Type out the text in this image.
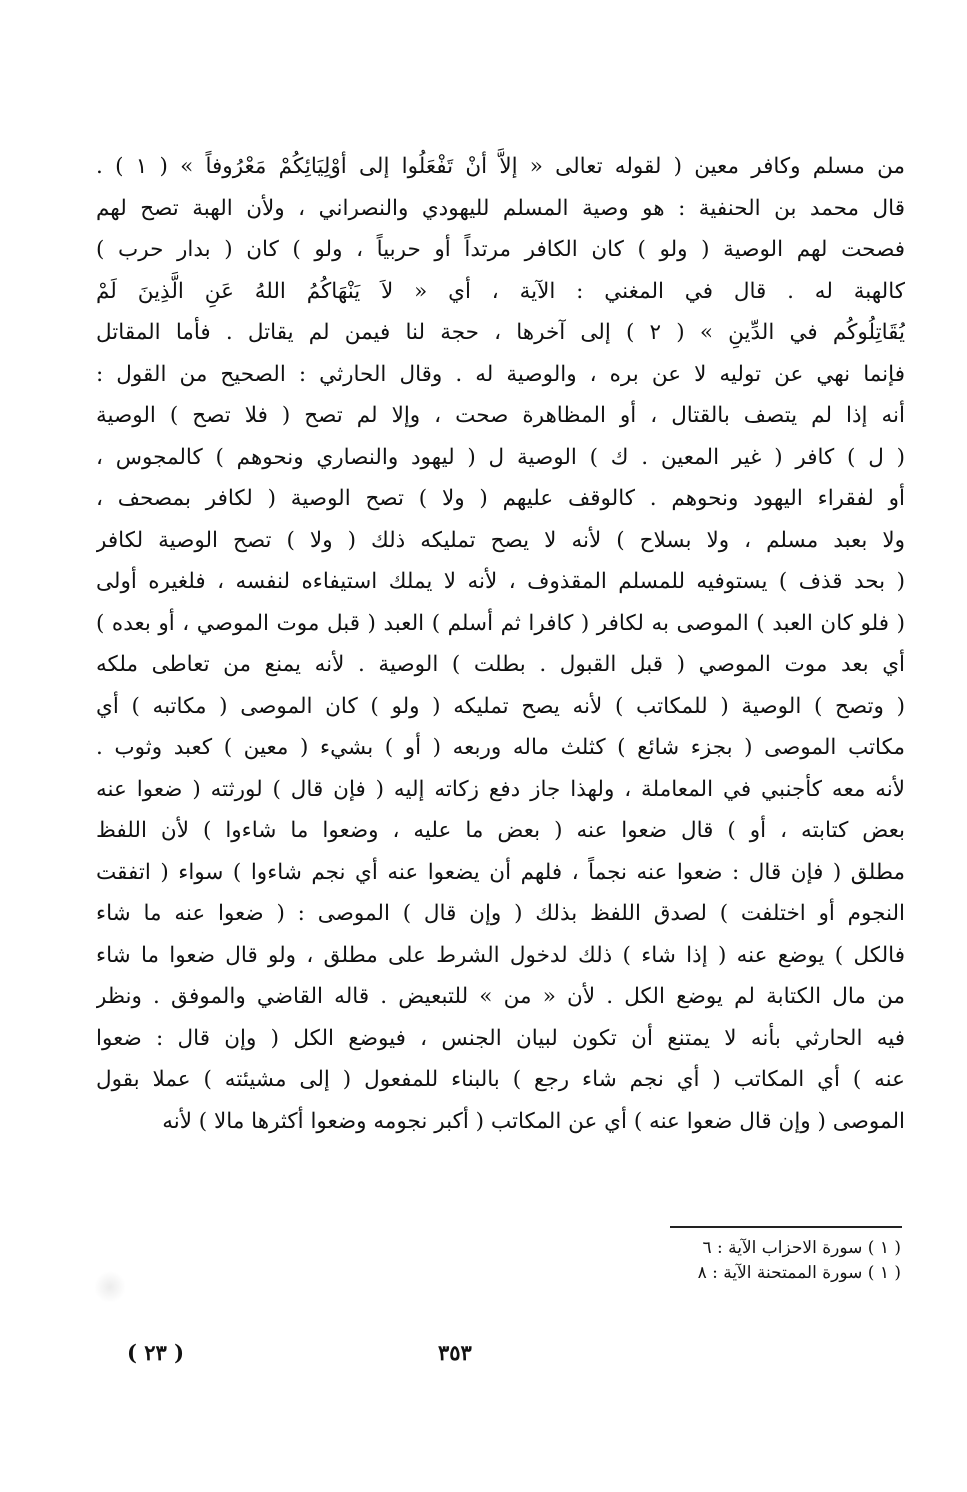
من مسلم وكافر معين ( لقوله تعالى « إلاَّ أنْ تَفْعَلُوا إلى أوْلِيَائِكُمْ مَعْرُوفاً » ( ١ ) .
قال محمد بن الحنفية : هو وصية المسلم لليهودي والنصراني ، ولأن الهبة تصح لهم
فصحت لهم الوصية ( ولو ) كان الكافر مرتداً أو حربياً ، ولو ) كان ( بدار حرب )
كالهبة له . قال في المغني : الآية ، أي « لاَ يَنْهَاكُمُ اللهُ عَنِ الَّذِينَ لَمْ
يُقَاتِلُوكُم في الدِّينِ » ( ٢ ) إلى آخرها ، حجة لنا فيمن لم يقاتل . فأما المقاتل
فإنما نهي عن توليه لا عن بره ، والوصية له . وقال الحارثي : الصحيح من القول :
أنه إذا لم يتصف بالقتال ، أو المظاهرة صحت ، وإلا لم تصح ( فلا تصح ) الوصية
( ل ) كافر ( غير المعين . ك ) الوصية ل ( ليهود والنصاري ونحوهم ) كالمجوس ،
أو لفقراء اليهود ونحوهم . كالوقف عليهم ( ولا ) تصح الوصية ( لكافر بمصحف ،
ولا بعبد مسلم ، ولا بسلاح ) لأنه لا يصح تمليكه ذلك ( ولا ) تصح الوصية لكافر
( بحد قذف ) يستوفيه للمسلم المقذوف ، لأنه لا يملك استيفاءه لنفسه ، فلغيره أولى
( فلو كان العبد ) الموصى به لكافر ( كافرا ثم أسلم ) العبد ( قبل موت الموصي ، أو بعده )
أي بعد موت الموصي ( قبل القبول . بطلت ) الوصية . لأنه يمنع من تعاطى ملكه
( وتصح ) الوصية ( للمكاتب ) لأنه يصح تمليكه ( ولو ) كان الموصى ( مكاتبه ) أي
مكاتب الموصى ( بجزء شائع ) كثلث ماله وربعه ( أو ) بشيء ( معين ) كعبد وثوب .
لأنه معه كأجنبي في المعاملة ، ولهذا جاز دفع زكاته إليه ( فإن قال ) لورثته ( ضعوا عنه
بعض كتابته ، أو ) قال ضعوا عنه ( بعض ما عليه ، وضعوا ما شاءوا ) لأن اللفظ
مطلق ( فإن قال : ضعوا عنه نجماً ، فلهم أن يضعوا عنه أي نجم شاءوا ) سواء ( اتفقت
النجوم أو اختلفت ) لصدق اللفظ بذلك ( وإن قال ) الموصى : ( ضعوا عنه ما شاء
فالكل ) يوضع عنه ( إذا شاء ) ذلك لدخول الشرط على مطلق ، ولو قال ضعوا ما شاء
من مال الكتابة لم يوضع الكل . لأن « من » للتبعيض . قاله القاضي والموفق . ونظر
فيه الحارثي بأنه لا يمتنع أن تكون لبيان الجنس ، فيوضع الكل ( وإن قال : ضعوا
عنه ) أي المكاتب ( أي نجم شاء رجع ) بالبناء للمفعول ( إلى مشيئته ) عملا بقول
الموصى ( وإن قال ضعوا عنه ) أي عن المكاتب ( أكبر نجومه وضعوا أكثرها مالا ) لأنه
( ١ ) سورة الاحزاب الآية : ٦
( ١ ) سورة الممتحنة الآية : ٨
٣٥٣
( ٢٣ )
